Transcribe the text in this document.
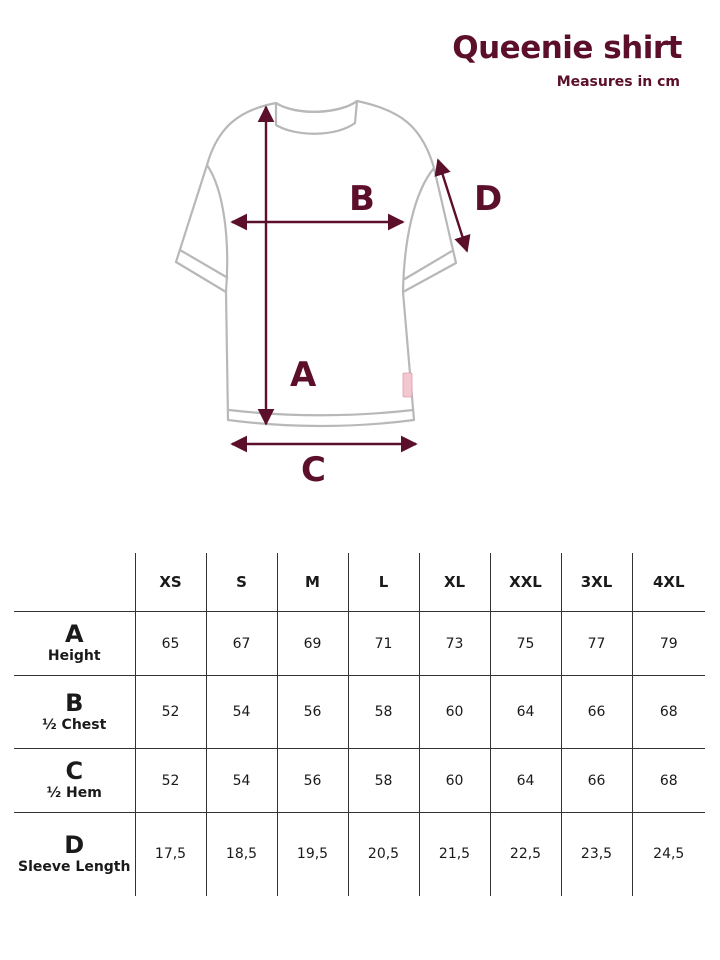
Queenie shirt
Measures in cm
A
B
C
D
	XS	S	M	L	XL	XXL	3XL	4XL

A
Height	65	67	69	71	73	75	77	79

B
½ Chest	52	54	56	58	60	64	66	68

C
½ Hem	52	54	56	58	60	64	66	68

D
Sleeve Length	17,5	18,5	19,5	20,5	21,5	22,5	23,5	24,5
